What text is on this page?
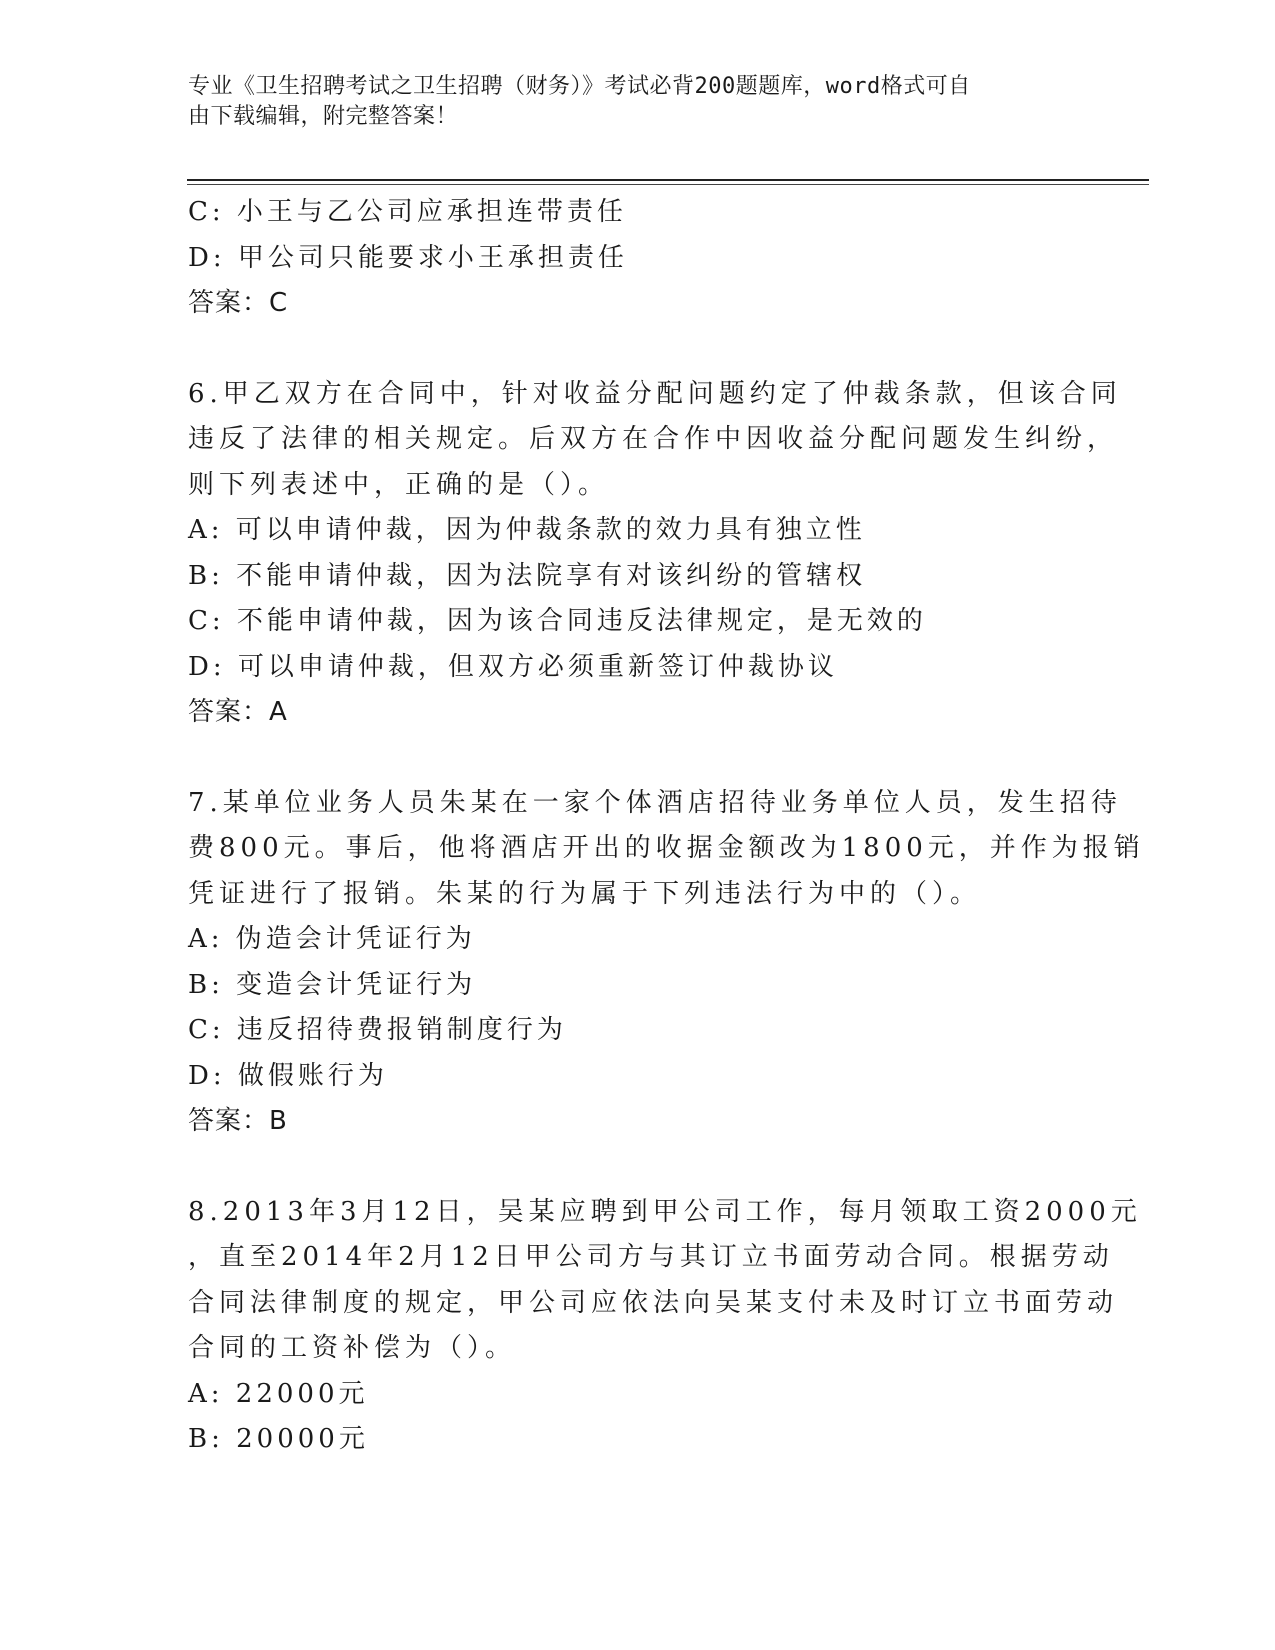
专业《卫生招聘考试之卫生招聘（财务）》考试必背200题题库，word格式可自
由下载编辑，附完整答案！
C: 小王与乙公司应承担连带责任
D: 甲公司只能要求小王承担责任
答案：C
6.甲乙双方在合同中，针对收益分配问题约定了仲裁条款，但该合同
违反了法律的相关规定。后双方在合作中因收益分配问题发生纠纷，
则下列表述中，正确的是（）。
A: 可以申请仲裁，因为仲裁条款的效力具有独立性
B: 不能申请仲裁，因为法院享有对该纠纷的管辖权
C: 不能申请仲裁，因为该合同违反法律规定，是无效的
D: 可以申请仲裁，但双方必须重新签订仲裁协议
答案：A
7.某单位业务人员朱某在一家个体酒店招待业务单位人员，发生招待
费800元。事后，他将酒店开出的收据金额改为1800元，并作为报销
凭证进行了报销。朱某的行为属于下列违法行为中的（）。
A: 伪造会计凭证行为
B: 变造会计凭证行为
C: 违反招待费报销制度行为
D: 做假账行为
答案：B
8.2013年3月12日，吴某应聘到甲公司工作，每月领取工资2000元
，直至2014年2月12日甲公司方与其订立书面劳动合同。根据劳动
合同法律制度的规定，甲公司应依法向吴某支付未及时订立书面劳动
合同的工资补偿为（）。
A: 22000元
B: 20000元
